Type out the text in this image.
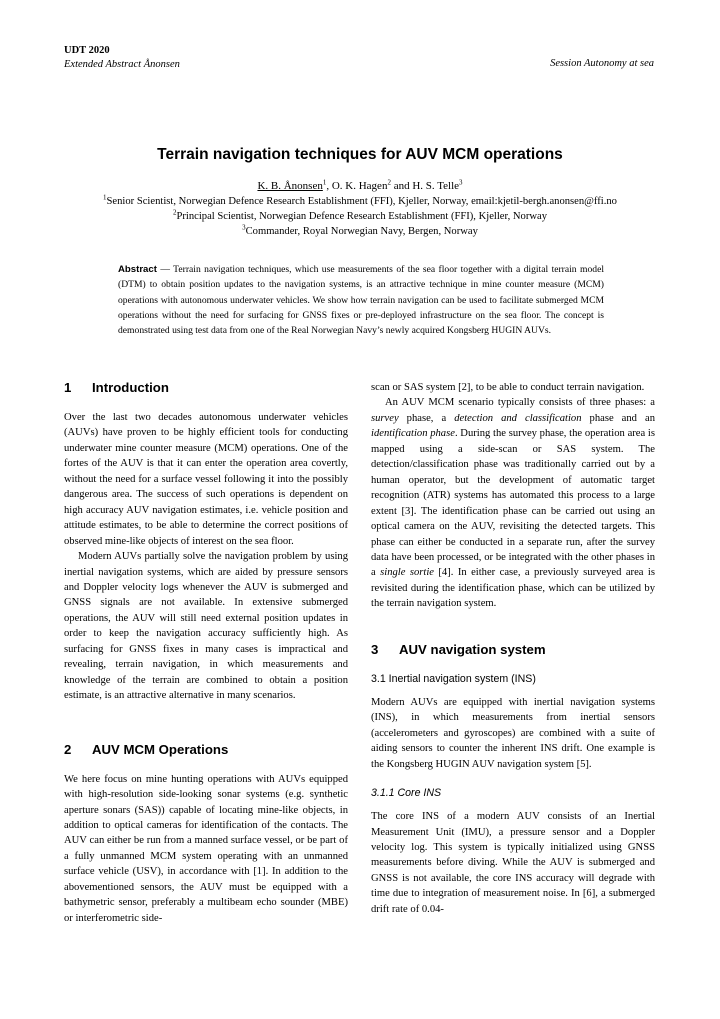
UDT 2020
Extended Abstract Ånonsen	Session Autonomy at sea
Terrain navigation techniques for AUV MCM operations
K. B. Ånonsen$^1$, O. K. Hagen$^2$ and H. S. Telle$^3$
$^1$Senior Scientist, Norwegian Defence Research Establishment (FFI), Kjeller, Norway, email:kjetil-bergh.anonsen@ffi.no
$^2$Principal Scientist, Norwegian Defence Research Establishment (FFI), Kjeller, Norway
$^3$Commander, Royal Norwegian Navy, Bergen, Norway
Abstract — Terrain navigation techniques, which use measurements of the sea floor together with a digital terrain model (DTM) to obtain position updates to the navigation systems, is an attractive technique in mine counter measure (MCM) operations with autonomous underwater vehicles. We show how terrain navigation can be used to facilitate submerged MCM operations without the need for surfacing for GNSS fixes or pre-deployed infrastructure on the sea floor. The concept is demonstrated using test data from one of the Real Norwegian Navy’s newly acquired Kongsberg HUGIN AUVs.
1	Introduction

Over the last two decades autonomous underwater vehicles (AUVs) have proven to be highly efficient tools for conducting underwater mine counter measure (MCM) operations. One of the fortes of the AUV is that it can enter the operation area covertly, without the need for a surface vessel following it into the possibly dangerous area. The success of such operations is dependent on high accuracy AUV navigation estimates, i.e. vehicle position and attitude estimates, to be able to determine the correct positions of observed mine-like objects of interest on the sea floor.

Modern AUVs partially solve the navigation problem by using inertial navigation systems, which are aided by pressure sensors and Doppler velocity logs whenever the AUV is submerged and GNSS signals are not available. In extensive submerged operations, the AUV will still need external position updates in order to keep the navigation accuracy sufficiently high. As surfacing for GNSS fixes in many cases is impractical and revealing, terrain navigation, in which measurements and knowledge of the terrain are combined to obtain a position estimate, is an attractive alternative in many scenarios.

2	AUV MCM Operations

We here focus on mine hunting operations with AUVs equipped with high-resolution side-looking sonar systems (e.g. synthetic aperture sonars (SAS)) capable of locating mine-like objects, in addition to optical cameras for identification of the contacts. The AUV can either be run from a manned surface vessel, or be part of a fully unmanned MCM system operating with an unmanned surface vehicle (USV), in accordance with [1]. In addition to the abovementioned sensors, the AUV must be equipped with a bathymetric sensor, preferably a multibeam echo sounder (MBE) or interferometric side-

scan or SAS system [2], to be able to conduct terrain navigation.

An AUV MCM scenario typically consists of three phases: a survey phase, a detection and classification phase and an identification phase. During the survey phase, the operation area is mapped using a side-scan or SAS system. The detection/classification phase was traditionally carried out by a human operator, but the development of automatic target recognition (ATR) systems has automated this process to a large extent [3]. The identification phase can be carried out using an optical camera on the AUV, revisiting the detected targets. This phase can either be conducted in a separate run, after the survey data have been processed, or be integrated with the other phases in a single sortie [4]. In either case, a previously surveyed area is revisited during the identification phase, which can be utilized by the terrain navigation system.

3	AUV navigation system
3.1 Inertial navigation system (INS)

Modern AUVs are equipped with inertial navigation systems (INS), in which measurements from inertial sensors (accelerometers and gyroscopes) are combined with a suite of aiding sensors to counter the inherent INS drift. One example is the Kongsberg HUGIN AUV navigation system [5].

3.1.1 Core INS

The core INS of a modern AUV consists of an Inertial Measurement Unit (IMU), a pressure sensor and a Doppler velocity log. This system is typically initialized using GNSS measurements before diving. While the AUV is submerged and GNSS is not available, the core INS accuracy will degrade with time due to integration of measurement noise. In [6], a submerged drift rate of 0.04-
